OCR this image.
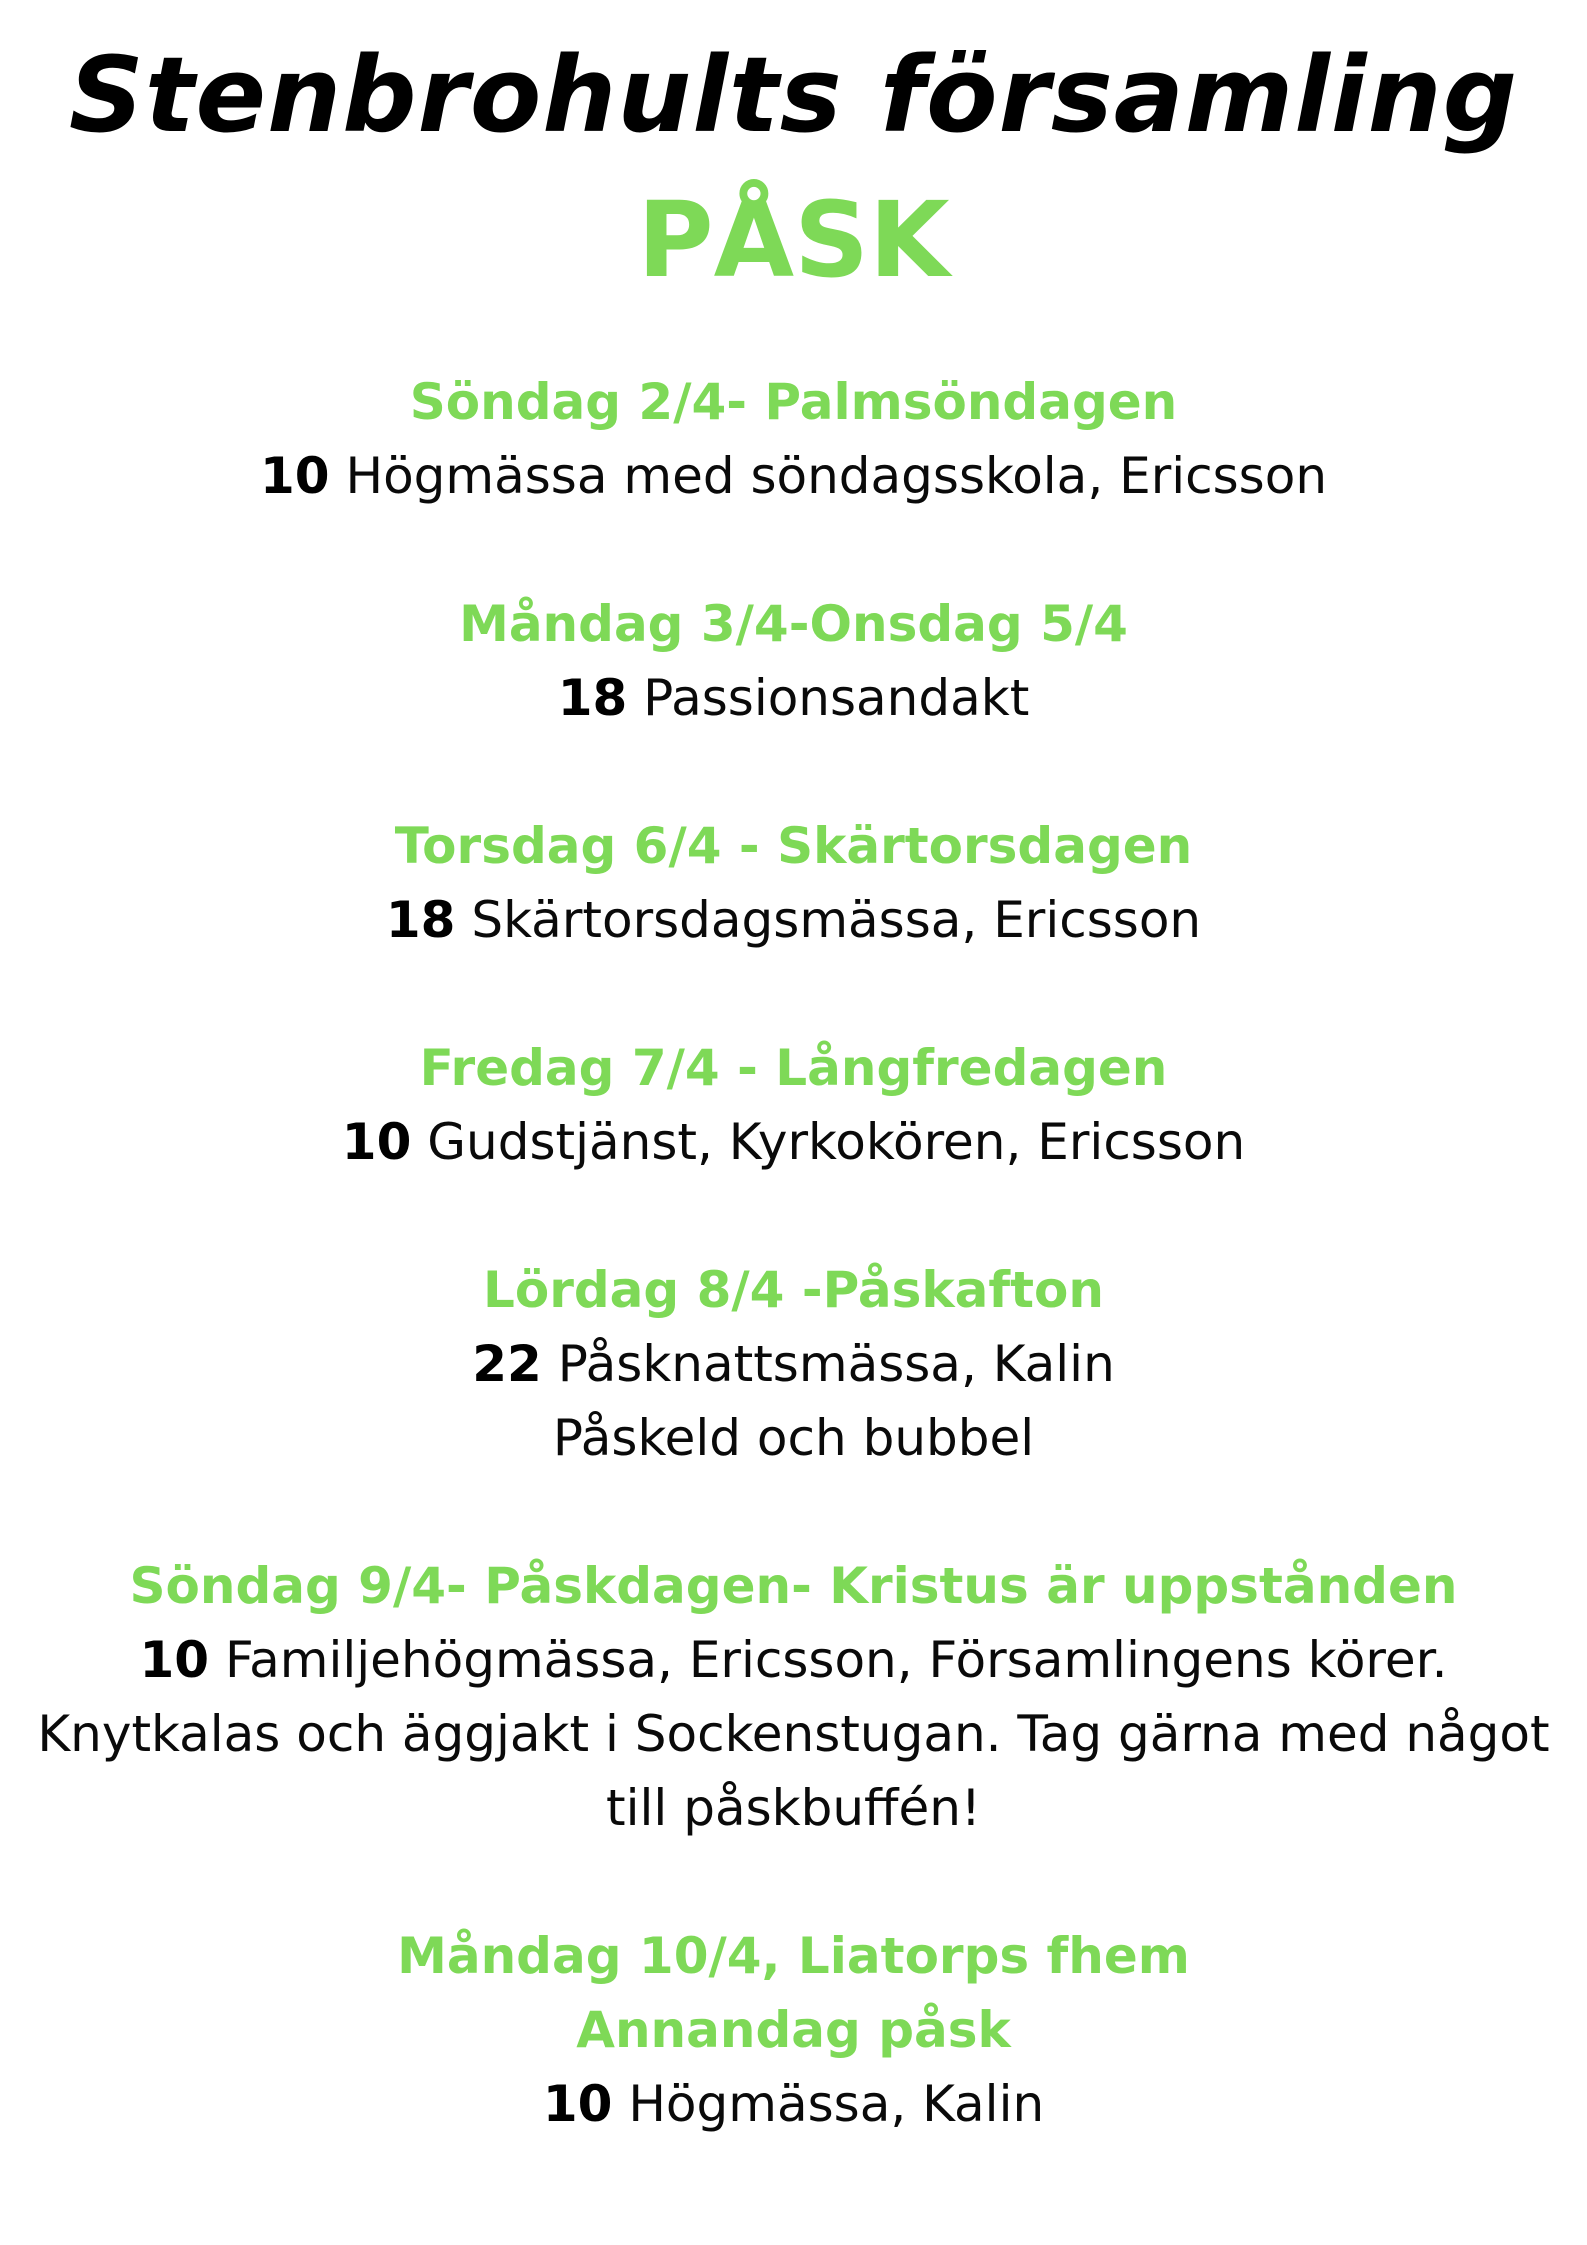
Stenbrohults församling
PÅSK
Söndag 2/4- Palmsöndagen
10 Högmässa med söndagsskola, Ericsson
Måndag 3/4-Onsdag 5/4
18 Passionsandakt
Torsdag 6/4 - Skärtorsdagen
18 Skärtorsdagsmässa, Ericsson
Fredag 7/4 - Långfredagen
10 Gudstjänst, Kyrkokören, Ericsson
Lördag 8/4 -Påskafton
22 Påsknattsmässa, Kalin
Påskeld och bubbel
Söndag 9/4- Påskdagen- Kristus är uppstånden
10 Familjehögmässa, Ericsson, Församlingens körer.
Knytkalas och äggjakt i Sockenstugan. Tag gärna med något till påskbuffén!
Måndag 10/4, Liatorps fhem
Annandag påsk
10 Högmässa, Kalin
